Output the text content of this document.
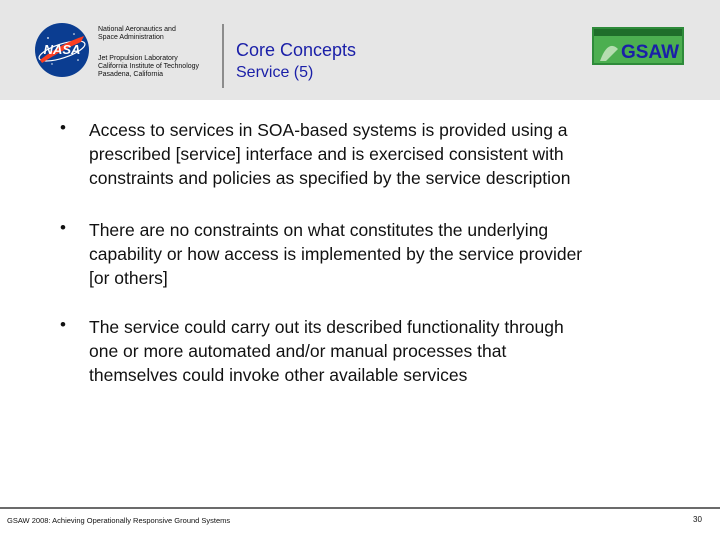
NASA
National Aeronautics and
Space Administration
Jet Propulsion Laboratory
California Institute of Technology
Pasadena, California
Core Concepts
Service (5)
GSAW
• Access to services in SOA-based systems is provided using a
prescribed [service] interface and is exercised consistent with
constraints and policies as specified by the service description
• There are no constraints on what constitutes the underlying
capability or how access is implemented by the service provider
[or others]
• The service could carry out its described functionality through
one or more automated and/or manual processes that
themselves could invoke other available services
GSAW 2008: Achieving Operationally Responsive Ground Systems	30
